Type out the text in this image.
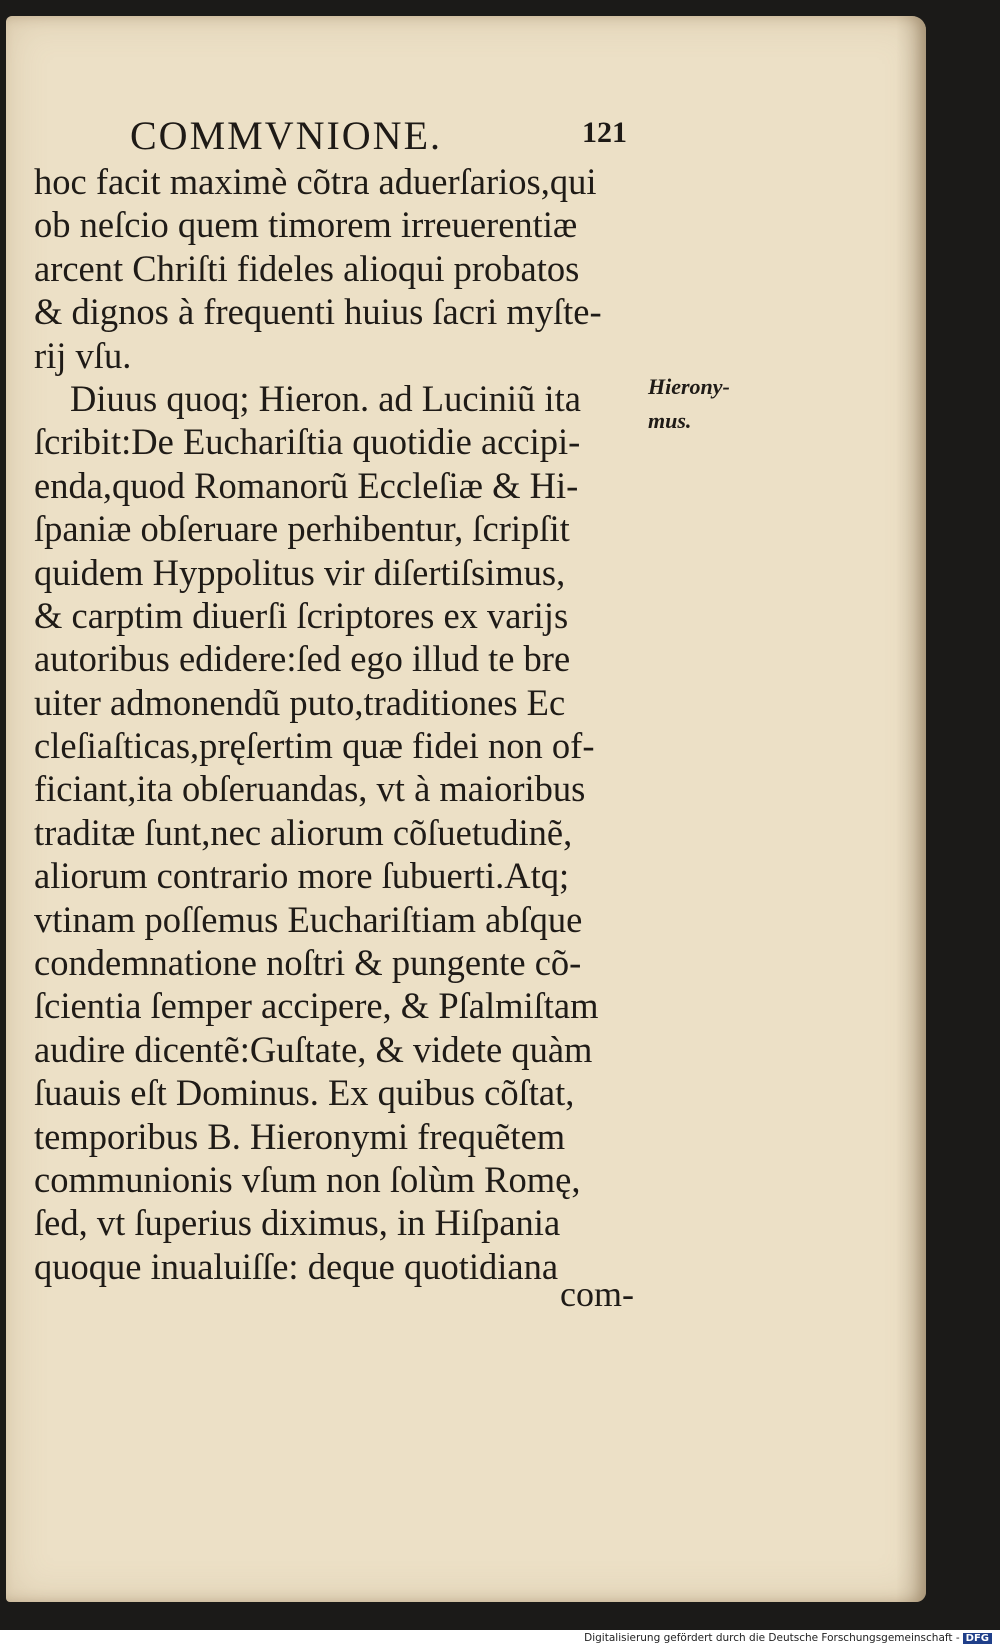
COMMVNIONE.	121
hoc facit maximè cõtra aduerſarios,qui
ob neſcio quem timorem irreuerentiæ
arcent Chriſti fideles alioqui probatos
& dignos à frequenti huius ſacri myſte-
rij vſu.
Diuus quoq; Hieron. ad Luciniũ ita
ſcribit:De Euchariſtia quotidie accipi-
enda,quod Romanorũ Eccleſiæ & Hi-
ſpaniæ obſeruare perhibentur, ſcripſit
quidem Hyppolitus vir diſertiſsimus,
& carptim diuerſi ſcriptores ex varijs
autoribus edidere:ſed ego illud te bre
uiter admonendũ puto,traditiones Ec
cleſiaſticas,pręſertim quæ fidei non of-
ficiant,ita obſeruandas, vt à maioribus
traditæ ſunt,nec aliorum cõſuetudinẽ,
aliorum contrario more ſubuerti.Atq;
vtinam poſſemus Euchariſtiam abſque
condemnatione noſtri & pungente cõ-
ſcientia ſemper accipere, & Pſalmiſtam
audire dicentẽ:Guſtate, & videte quàm
ſuauis eſt Dominus. Ex quibus cõſtat,
temporibus B. Hieronymi frequẽtem
communionis vſum non ſolùm Romę,
ſed, vt ſuperius diximus, in Hiſpania
quoque inualuiſſe: deque quotidiana
com-
Hierony-
mus.
Digitalisierung gefördert durch die Deutsche Forschungsgemeinschaft - DFG
